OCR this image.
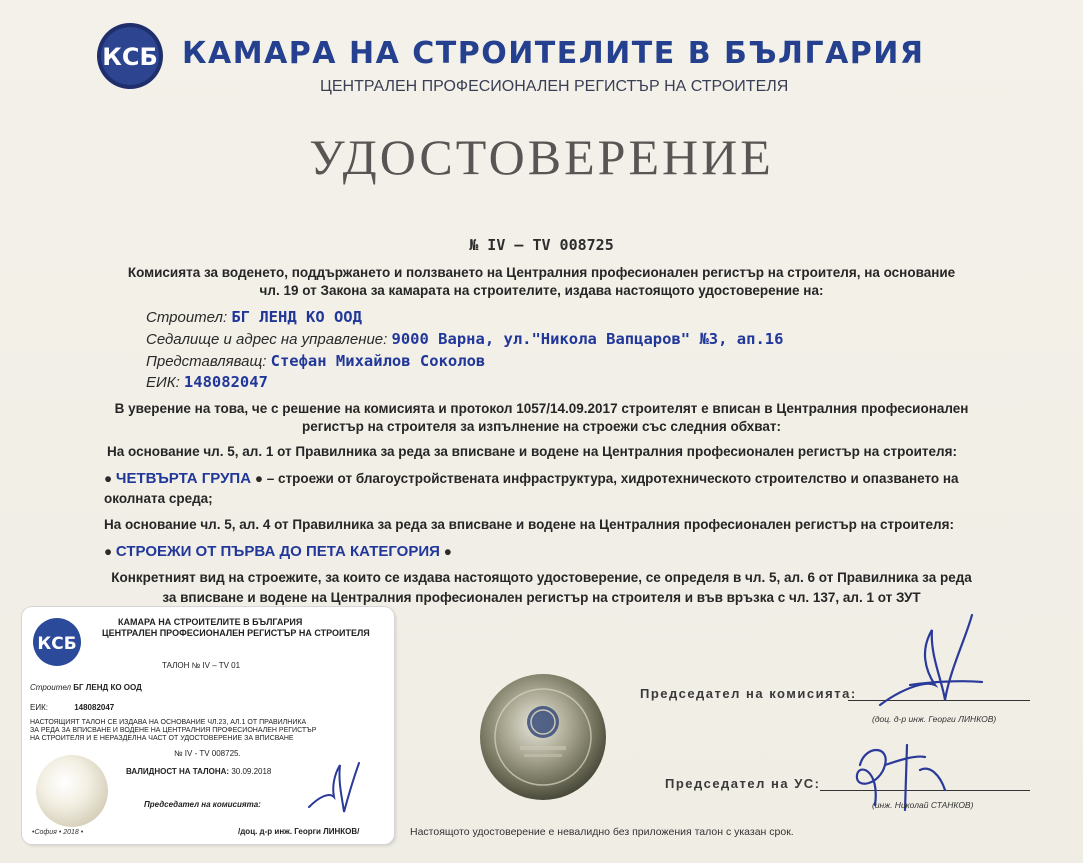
КСБ КАМАРА НА СТРОИТЕЛИТЕ В БЪЛГАРИЯ
ЦЕНТРАЛЕН ПРОФЕСИОНАЛЕН РЕГИСТЪР НА СТРОИТЕЛЯ
УДОСТОВЕРЕНИЕ
№ IV – TV 008725
Комисията за воденето, поддържането и ползването на Централния професионален регистър на строителя, на основание
чл. 19 от Закона за камарата на строителите, издава настоящото удостоверение на:
Строител: БГ ЛЕНД КО ООД
Седалище и адрес на управление: 9000 Варна, ул."Никола Вапцаров" №3, ап.16
Представляващ: Стефан Михайлов Соколов
ЕИК: 148082047
В уверение на това, че с решение на комисията и протокол 1057/14.09.2017 строителят е вписан в Централния професионален
регистър на строителя за изпълнение на строежи със следния обхват:
На основание чл. 5, ал. 1 от Правилника за реда за вписване и водене на Централния професионален регистър на строителя:
● ЧЕТВЪРТА ГРУПА ● – строежи от благоустройствената инфраструктура, хидротехническото строителство и опазването на
околната среда;
На основание чл. 5, ал. 4 от Правилника за реда за вписване и водене на Централния професионален регистър на строителя:
● СТРОЕЖИ ОТ ПЪРВА ДО ПЕТА КАТЕГОРИЯ ●
Конкретният вид на строежите, за които се издава настоящото удостоверение, се определя в чл. 5, ал. 6 от Правилника за реда
за вписване и водене на Централния професионален регистър на строителя и във връзка с чл. 137, ал. 1 от ЗУТ
Председател на комисията:
(доц. д-р инж. Георги ЛИНКОВ)
Председател на УС:
(инж. Николай СТАНКОВ)
Настоящото удостоверение е невалидно без приложения талон с указан срок.
КСБ
КАМАРА НА СТРОИТЕЛИТЕ В БЪЛГАРИЯ
ЦЕНТРАЛЕН ПРОФЕСИОНАЛЕН РЕГИСТЪР НА СТРОИТЕЛЯ
ТАЛОН № IV – TV 01
Строител БГ ЛЕНД КО ООД
ЕИК:	148082047
НАСТОЯЩИЯТ ТАЛОН СЕ ИЗДАВА НА ОСНОВАНИЕ ЧЛ.23, АЛ.1 ОТ ПРАВИЛНИКА
ЗА РЕДА ЗА ВПИСВАНЕ И ВОДЕНЕ НА ЦЕНТРАЛНИЯ ПРОФЕСИОНАЛЕН РЕГИСТЪР
НА СТРОИТЕЛЯ И Е НЕРАЗДЕЛНА ЧАСТ ОТ УДОСТОВЕРЕНИЕ ЗА ВПИСВАНЕ
№ IV - TV 008725.
ВАЛИДНОСТ НА ТАЛОНА: 30.09.2018
Председател на комисията:
/доц. д-р инж. Георги ЛИНКОВ/
•София • 2018 •
